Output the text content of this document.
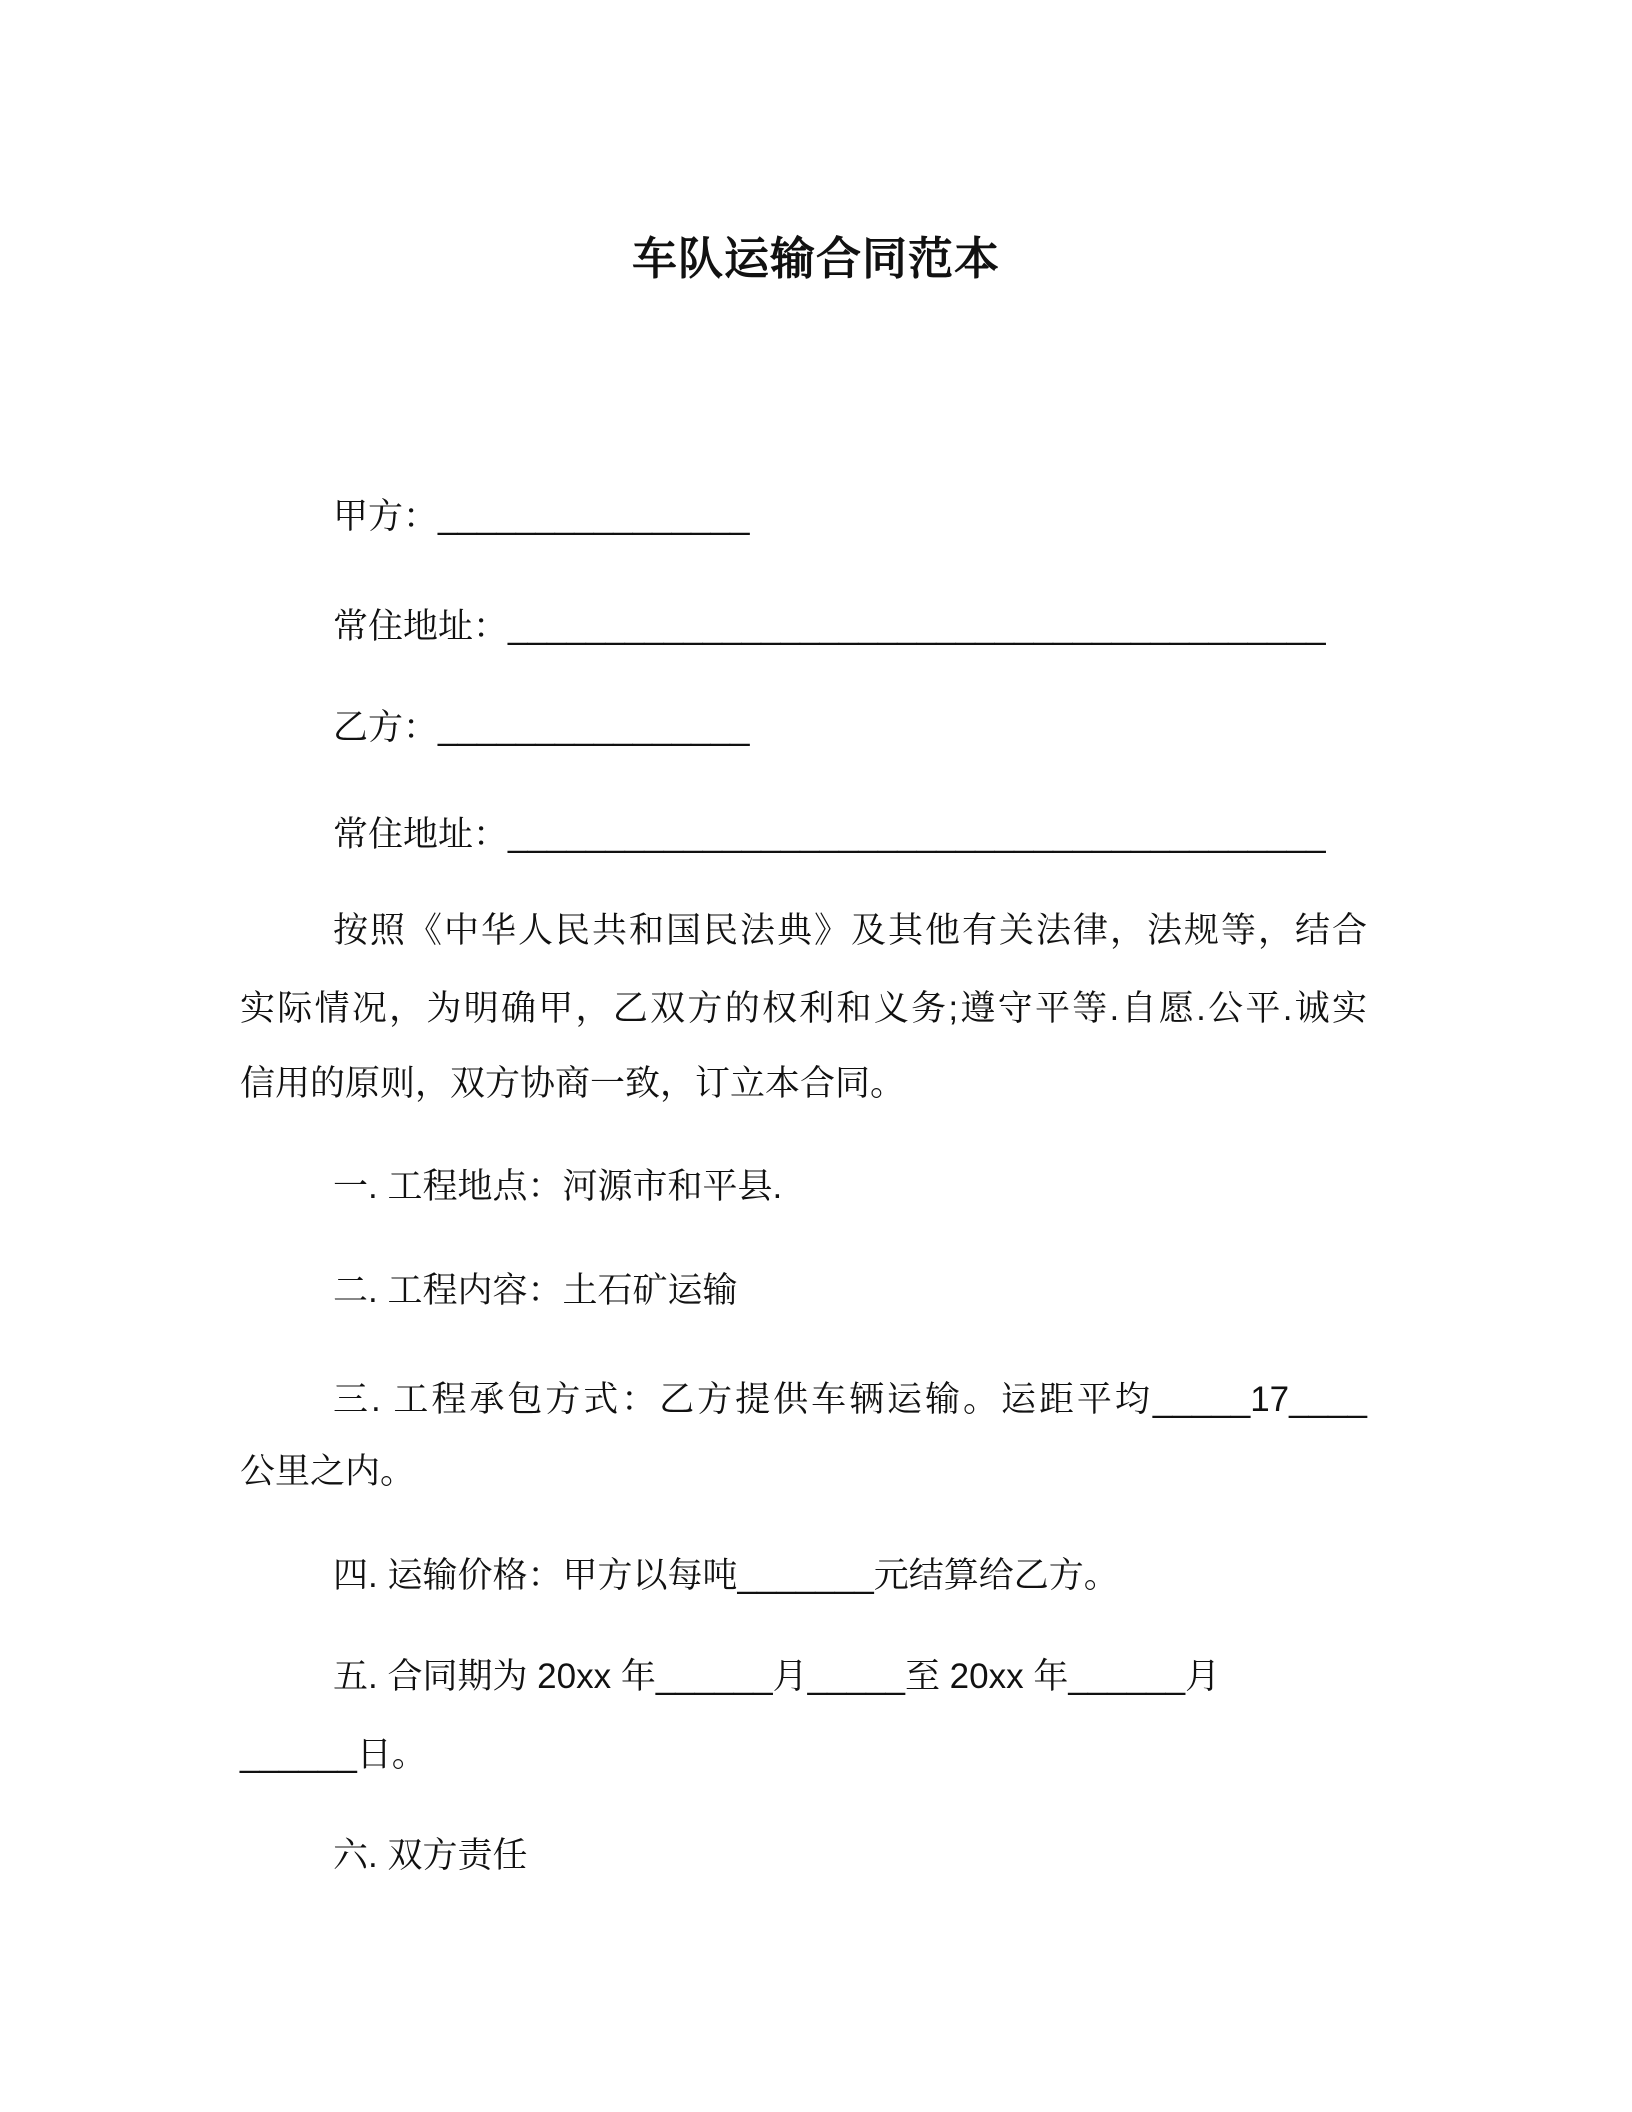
车队运输合同范本
甲方：________________
常住地址：__________________________________________
乙方：________________
常住地址：__________________________________________
按照《中华人民共和国民法典》及其他有关法律，法规等，结合
实际情况，为明确甲，乙双方的权利和义务;遵守平等.自愿.公平.诚实
信用的原则，双方协商一致，订立本合同。
一. 工程地点：河源市和平县.
二. 工程内容：土石矿运输
三. 工程承包方式：乙方提供车辆运输。运距平均_____17____
公里之内。
四. 运输价格：甲方以每吨_______元结算给乙方。
五. 合同期为 20xx 年______月_____至 20xx 年______月
______日。
六. 双方责任
